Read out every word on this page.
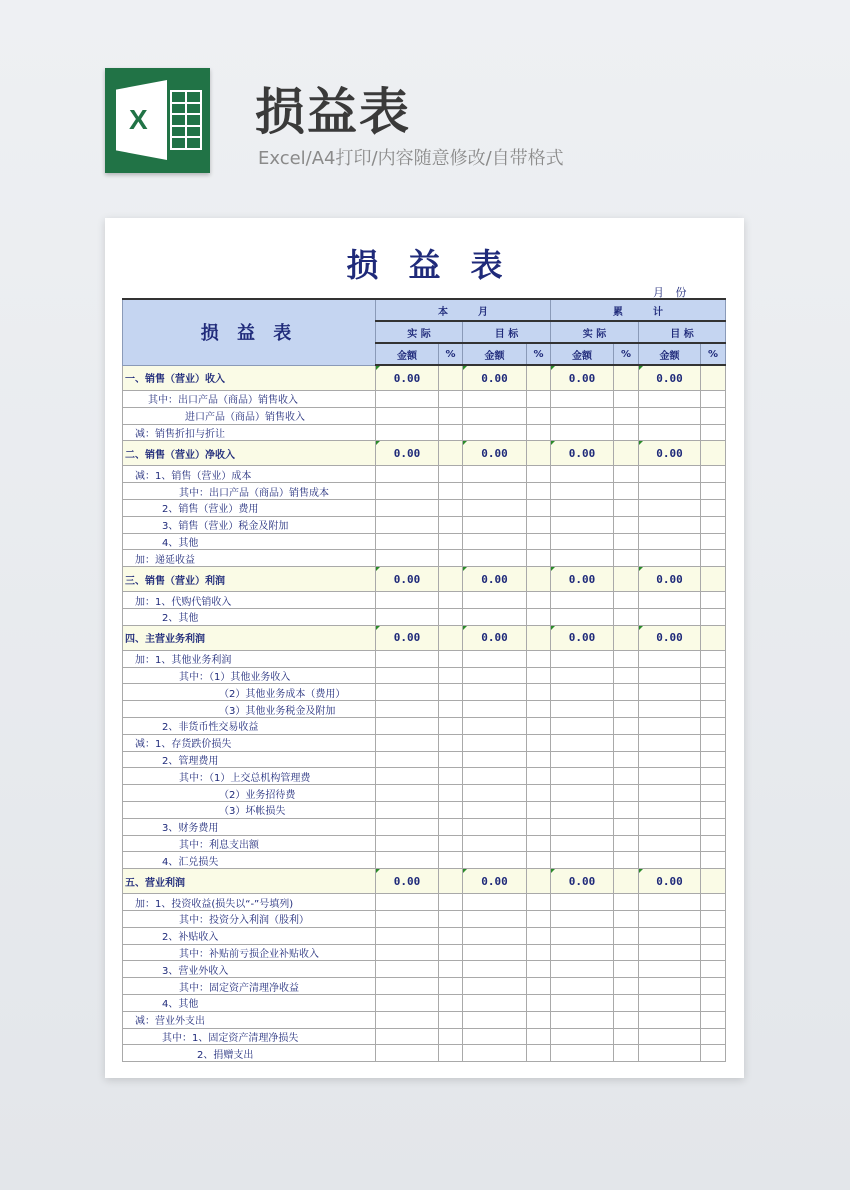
X 损益表
Excel/A4打印/内容随意修改/自带格式
损益表
月 份
损 益 表	本　　　月				累　　　计			
	实 际		目 标		实 际		目 标	
	金额	%	金额	%	金额	%	金额	%
一、销售（营业）收入	0.00		0.00		0.00		0.00	
其中：出口产品（商品）销售收入								
进口产品（商品）销售收入								
减：销售折扣与折让								
二、销售（营业）净收入	0.00		0.00		0.00		0.00	
减：1、销售（营业）成本								
其中：出口产品（商品）销售成本								
2、销售（营业）费用								
3、销售（营业）税金及附加								
4、其他								
加：递延收益								
三、销售（营业）利润	0.00		0.00		0.00		0.00	
加：1、代购代销收入								
2、其他								
四、主营业务利润	0.00		0.00		0.00		0.00	
加：1、其他业务利润								
其中：（1）其他业务收入								
（2）其他业务成本（费用）								
（3）其他业务税金及附加								
2、非货币性交易收益								
减：1、存货跌价损失								
2、管理费用								
其中：（1）上交总机构管理费								
（2）业务招待费								
（3）坏帐损失								
3、财务费用								
其中：利息支出额								
4、汇兑损失								
五、营业利润	0.00		0.00		0.00		0.00	
加：1、投资收益(损失以“-”号填列)								
其中：投资分入利润（股利）								
2、补贴收入								
其中：补贴前亏损企业补贴收入								
3、营业外收入								
其中：固定资产清理净收益								
4、其他								
减：营业外支出								
其中：1、固定资产清理净损失								
2、捐赠支出								
